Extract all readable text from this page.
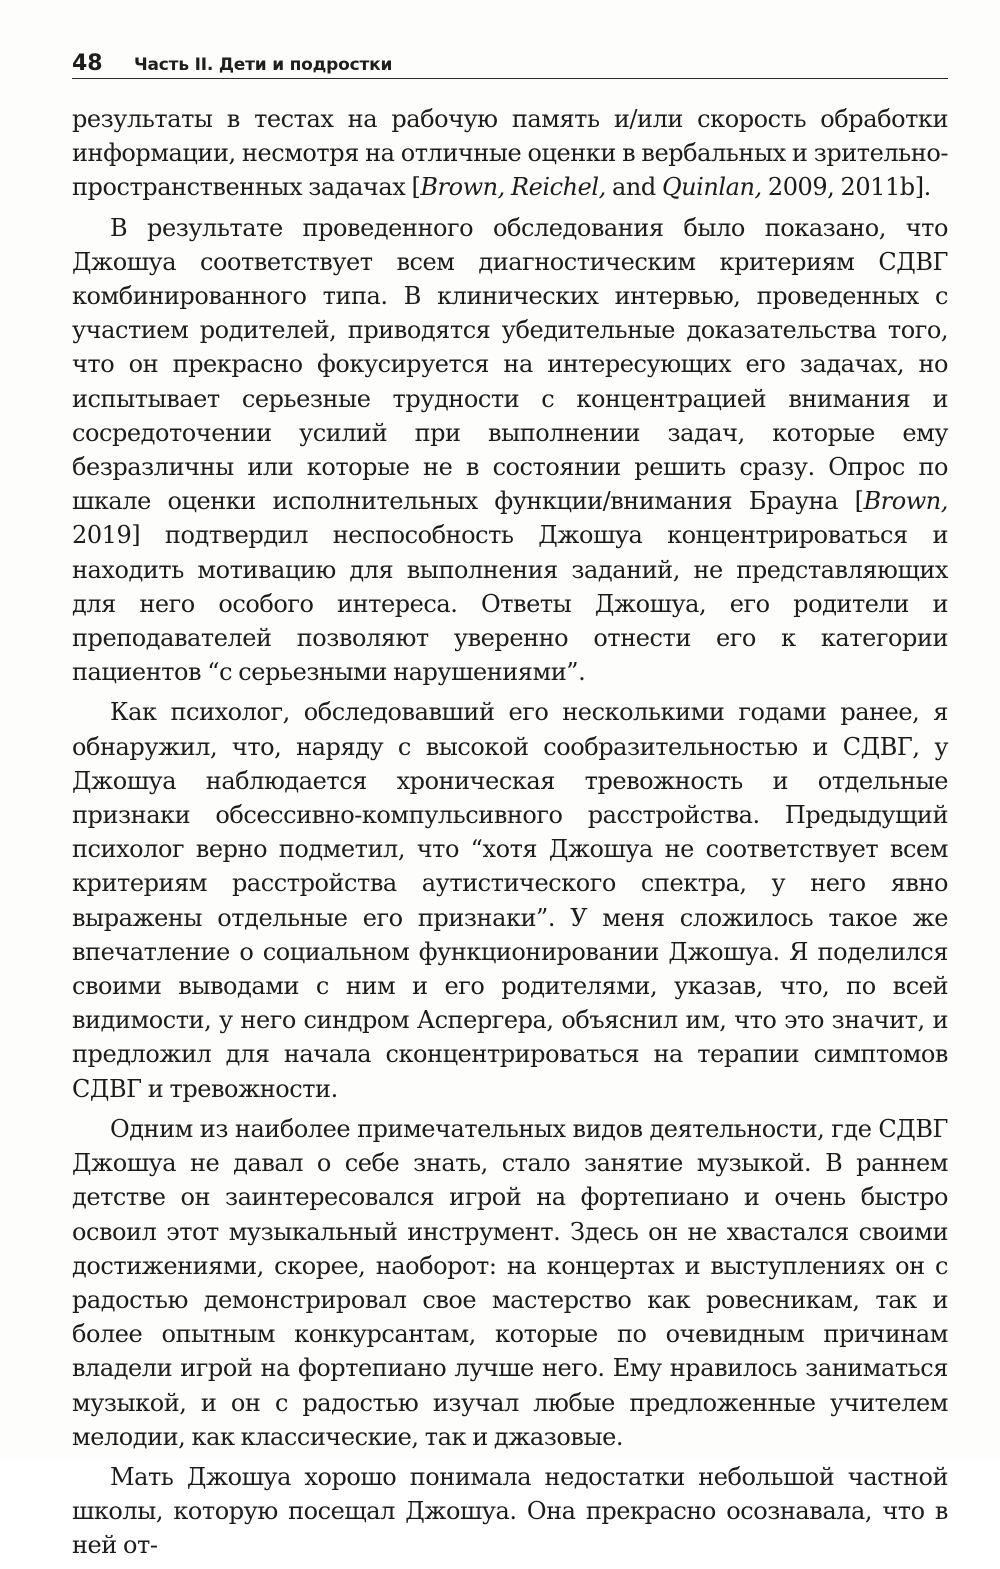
48 Часть II. Дети и подростки

результаты в тестах на рабочую память и/или скорость обработки информации, несмотря на отличные оценки в вербальных и зрительно-пространственных задачах [Brown, Reichel, and Quinlan, 2009, 2011b].

В результате проведенного обследования было показано, что Джошуа соответствует всем диагностическим критериям СДВГ комбинированного типа. В клинических интервью, проведенных с участием родителей, приводятся убедительные доказательства того, что он прекрасно фокусируется на интересующих его задачах, но испытывает серьезные трудности с концентрацией внимания и сосредоточении усилий при выполнении задач, которые ему безразличны или которые не в состоянии решить сразу. Опрос по шкале оценки исполнительных функции/внимания Брауна [Brown, 2019] подтвердил неспособность Джошуа концентрироваться и находить мотивацию для выполнения заданий, не представляющих для него особого интереса. Ответы Джошуа, его родители и преподавателей позволяют уверенно отнести его к категории пациентов “с серьезными нарушениями”.

Как психолог, обследовавший его несколькими годами ранее, я обнаружил, что, наряду с высокой сообразительностью и СДВГ, у Джошуа наблюдается хроническая тревожность и отдельные признаки обсессивно-компульсивного расстройства. Предыдущий психолог верно подметил, что “хотя Джошуа не соответствует всем критериям расстройства аутистического спектра, у него явно выражены отдельные его признаки”. У меня сложилось такое же впечатление о социальном функционировании Джошуа. Я поделился своими выводами с ним и его родителями, указав, что, по всей видимости, у него синдром Аспергера, объяснил им, что это значит, и предложил для начала сконцентрироваться на терапии симптомов СДВГ и тревожности.

Одним из наиболее примечательных видов деятельности, где СДВГ Джошуа не давал о себе знать, стало занятие музыкой. В раннем детстве он заинтересовался игрой на фортепиано и очень быстро освоил этот музыкальный инструмент. Здесь он не хвастался своими достижениями, скорее, наоборот: на концертах и выступлениях он с радостью демонстрировал свое мастерство как ровесникам, так и более опытным конкурсантам, которые по очевидным причинам владели игрой на фортепиано лучше него. Ему нравилось заниматься музыкой, и он с радостью изучал любые предложенные учителем мелодии, как классические, так и джазовые.

Мать Джошуа хорошо понимала недостатки небольшой частной школы, которую посещал Джошуа. Она прекрасно осознавала, что в ней от-
